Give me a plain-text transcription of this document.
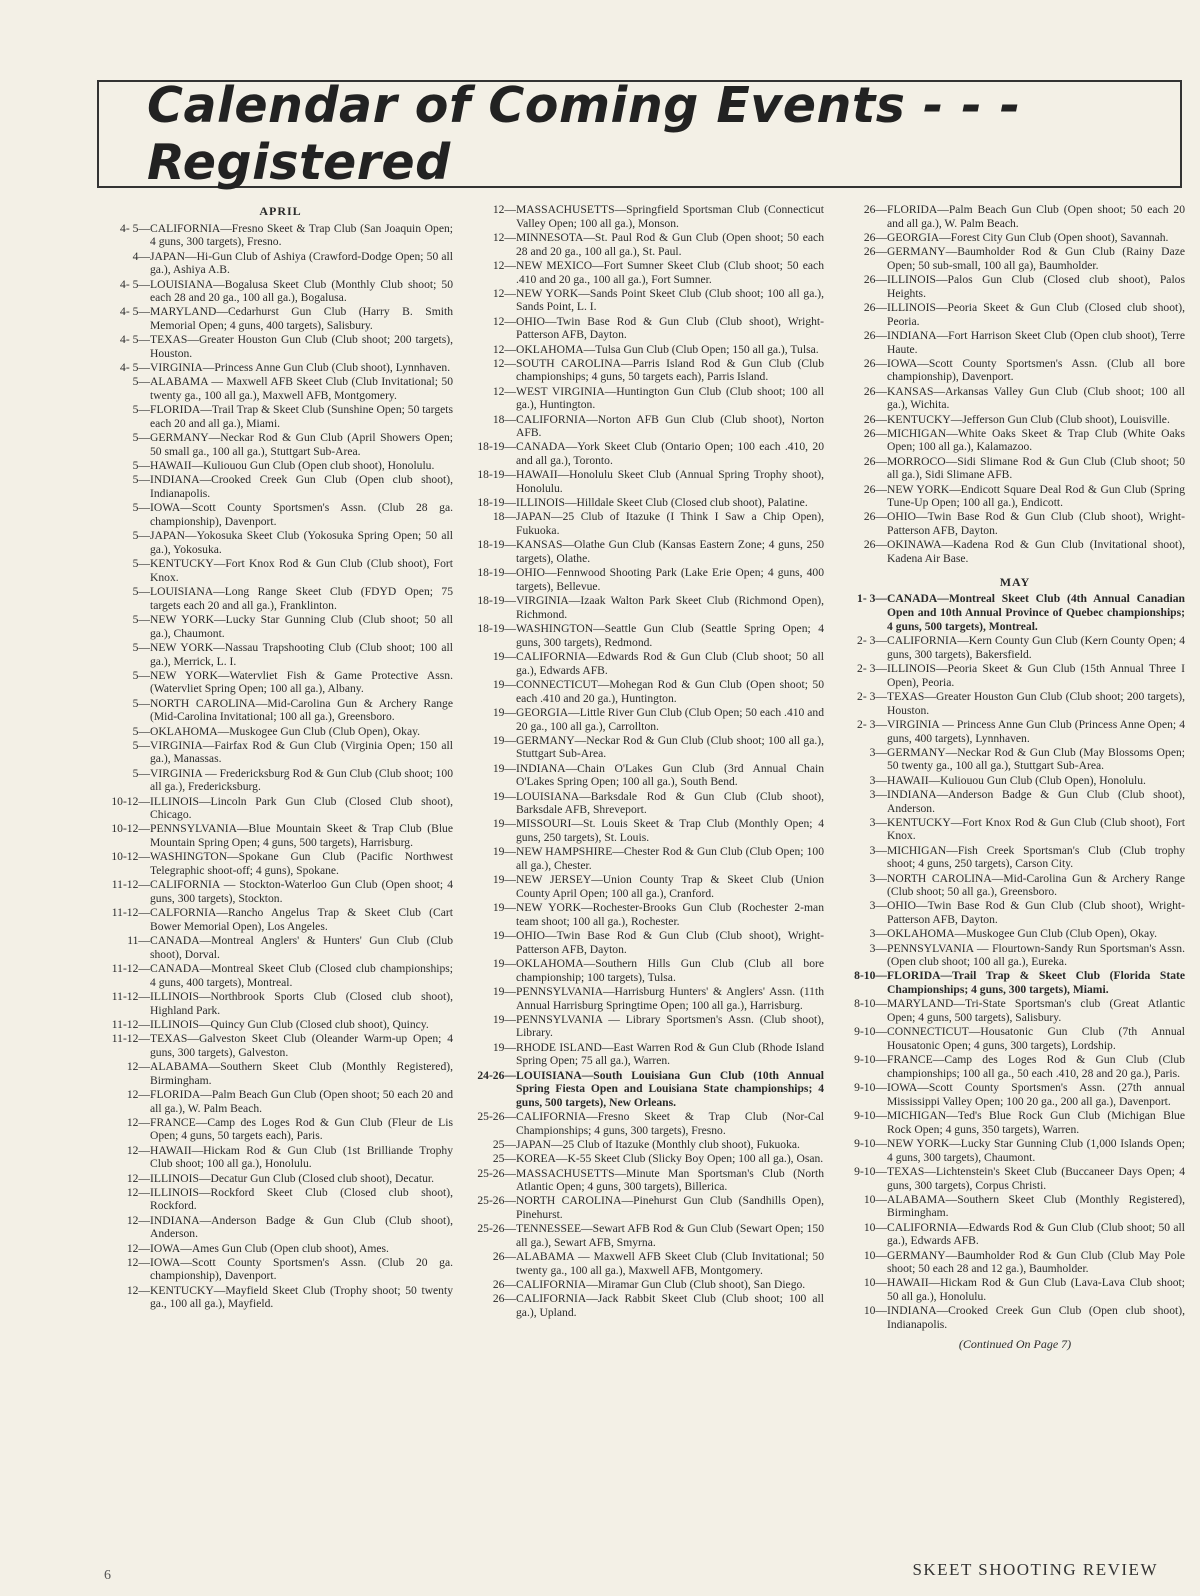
Calendar of Coming Events - - - Registered
APRIL
4- 5— CALIFORNIA—Fresno Skeet & Trap Club (San Joaquin Open; 4 guns, 300 targets), Fresno.
4— JAPAN—Hi-Gun Club of Ashiya (Crawford-Dodge Open; 50 all ga.), Ashiya A.B.
4- 5— LOUISIANA—Bogalusa Skeet Club (Monthly Club shoot; 50 each 28 and 20 ga., 100 all ga.), Bogalusa.
4- 5— MARYLAND—Cedarhurst Gun Club (Harry B. Smith Memorial Open; 4 guns, 400 targets), Salisbury.
4- 5— TEXAS—Greater Houston Gun Club (Club shoot; 200 targets), Houston.
4- 5— VIRGINIA—Princess Anne Gun Club (Club shoot), Lynnhaven.
5— ALABAMA — Maxwell AFB Skeet Club (Club Invitational; 50 twenty ga., 100 all ga.), Maxwell AFB, Montgomery.
5— FLORIDA—Trail Trap & Skeet Club (Sunshine Open; 50 targets each 20 and all ga.), Miami.
5— GERMANY—Neckar Rod & Gun Club (April Showers Open; 50 small ga., 100 all ga.), Stuttgart Sub-Area.
5— HAWAII—Kuliouou Gun Club (Open club shoot), Honolulu.
5— INDIANA—Crooked Creek Gun Club (Open club shoot), Indianapolis.
5— IOWA—Scott County Sportsmen's Assn. (Club 28 ga. championship), Davenport.
5— JAPAN—Yokosuka Skeet Club (Yokosuka Spring Open; 50 all ga.), Yokosuka.
5— KENTUCKY—Fort Knox Rod & Gun Club (Club shoot), Fort Knox.
5— LOUISIANA—Long Range Skeet Club (FDYD Open; 75 targets each 20 and all ga.), Franklinton.
5— NEW YORK—Lucky Star Gunning Club (Club shoot; 50 all ga.), Chaumont.
5— NEW YORK—Nassau Trapshooting Club (Club shoot; 100 all ga.), Merrick, L. I.
5— NEW YORK—Watervliet Fish & Game Protective Assn. (Watervliet Spring Open; 100 all ga.), Albany.
5— NORTH CAROLINA—Mid-Carolina Gun & Archery Range (Mid-Carolina Invitational; 100 all ga.), Greensboro.
5— OKLAHOMA—Muskogee Gun Club (Club Open), Okay.
5— VIRGINIA—Fairfax Rod & Gun Club (Virginia Open; 150 all ga.), Manassas.
5— VIRGINIA — Fredericksburg Rod & Gun Club (Club shoot; 100 all ga.), Fredericksburg.
10-12— ILLINOIS—Lincoln Park Gun Club (Closed Club shoot), Chicago.
10-12— PENNSYLVANIA—Blue Mountain Skeet & Trap Club (Blue Mountain Spring Open; 4 guns, 500 targets), Harrisburg.
10-12— WASHINGTON—Spokane Gun Club (Pacific Northwest Telegraphic shoot-off; 4 guns), Spokane.
11-12— CALIFORNIA — Stockton-Waterloo Gun Club (Open shoot; 4 guns, 300 targets), Stockton.
11-12— CALFORNIA—Rancho Angelus Trap & Skeet Club (Cart Bower Memorial Open), Los Angeles.
11— CANADA—Montreal Anglers' & Hunters' Gun Club (Club shoot), Dorval.
11-12— CANADA—Montreal Skeet Club (Closed club championships; 4 guns, 400 targets), Montreal.
11-12— ILLINOIS—Northbrook Sports Club (Closed club shoot), Highland Park.
11-12— ILLINOIS—Quincy Gun Club (Closed club shoot), Quincy.
11-12— TEXAS—Galveston Skeet Club (Oleander Warm-up Open; 4 guns, 300 targets), Galveston.
12— ALABAMA—Southern Skeet Club (Monthly Registered), Birmingham.
12— FLORIDA—Palm Beach Gun Club (Open shoot; 50 each 20 and all ga.), W. Palm Beach.
12— FRANCE—Camp des Loges Rod & Gun Club (Fleur de Lis Open; 4 guns, 50 targets each), Paris.
12— HAWAII—Hickam Rod & Gun Club (1st Brilliande Trophy Club shoot; 100 all ga.), Honolulu.
12— ILLINOIS—Decatur Gun Club (Closed club shoot), Decatur.
12— ILLINOIS—Rockford Skeet Club (Closed club shoot), Rockford.
12— INDIANA—Anderson Badge & Gun Club (Club shoot), Anderson.
12— IOWA—Ames Gun Club (Open club shoot), Ames.
12— IOWA—Scott County Sportsmen's Assn. (Club 20 ga. championship), Davenport.
12— KENTUCKY—Mayfield Skeet Club (Trophy shoot; 50 twenty ga., 100 all ga.), Mayfield.
12— MASSACHUSETTS—Springfield Sportsman Club (Connecticut Valley Open; 100 all ga.), Monson.
12— MINNESOTA—St. Paul Rod & Gun Club (Open shoot; 50 each 28 and 20 ga., 100 all ga.), St. Paul.
12— NEW MEXICO—Fort Sumner Skeet Club (Club shoot; 50 each .410 and 20 ga., 100 all ga.), Fort Sumner.
12— NEW YORK—Sands Point Skeet Club (Club shoot; 100 all ga.), Sands Point, L. I.
12— OHIO—Twin Base Rod & Gun Club (Club shoot), Wright-Patterson AFB, Dayton.
12— OKLAHOMA—Tulsa Gun Club (Club Open; 150 all ga.), Tulsa.
12— SOUTH CAROLINA—Parris Island Rod & Gun Club (Club championships; 4 guns, 50 targets each), Parris Island.
12— WEST VIRGINIA—Huntington Gun Club (Club shoot; 100 all ga.), Huntington.
18— CALIFORNIA—Norton AFB Gun Club (Club shoot), Norton AFB.
18-19— CANADA—York Skeet Club (Ontario Open; 100 each .410, 20 and all ga.), Toronto.
18-19— HAWAII—Honolulu Skeet Club (Annual Spring Trophy shoot), Honolulu.
18-19— ILLINOIS—Hilldale Skeet Club (Closed club shoot), Palatine.
18— JAPAN—25 Club of Itazuke (I Think I Saw a Chip Open), Fukuoka.
18-19— KANSAS—Olathe Gun Club (Kansas Eastern Zone; 4 guns, 250 targets), Olathe.
18-19— OHIO—Fennwood Shooting Park (Lake Erie Open; 4 guns, 400 targets), Bellevue.
18-19— VIRGINIA—Izaak Walton Park Skeet Club (Richmond Open), Richmond.
18-19— WASHINGTON—Seattle Gun Club (Seattle Spring Open; 4 guns, 300 targets), Redmond.
19— CALIFORNIA—Edwards Rod & Gun Club (Club shoot; 50 all ga.), Edwards AFB.
19— CONNECTICUT—Mohegan Rod & Gun Club (Open shoot; 50 each .410 and 20 ga.), Huntington.
19— GEORGIA—Little River Gun Club (Club Open; 50 each .410 and 20 ga., 100 all ga.), Carrollton.
19— GERMANY—Neckar Rod & Gun Club (Club shoot; 100 all ga.), Stuttgart Sub-Area.
19— INDIANA—Chain O'Lakes Gun Club (3rd Annual Chain O'Lakes Spring Open; 100 all ga.), South Bend.
19— LOUISIANA—Barksdale Rod & Gun Club (Club shoot), Barksdale AFB, Shreveport.
19— MISSOURI—St. Louis Skeet & Trap Club (Monthly Open; 4 guns, 250 targets), St. Louis.
19— NEW HAMPSHIRE—Chester Rod & Gun Club (Club Open; 100 all ga.), Chester.
19— NEW JERSEY—Union County Trap & Skeet Club (Union County April Open; 100 all ga.), Cranford.
19— NEW YORK—Rochester-Brooks Gun Club (Rochester 2-man team shoot; 100 all ga.), Rochester.
19— OHIO—Twin Base Rod & Gun Club (Club shoot), Wright-Patterson AFB, Dayton.
19— OKLAHOMA—Southern Hills Gun Club (Club all bore championship; 100 targets), Tulsa.
19— PENNSYLVANIA—Harrisburg Hunters' & Anglers' Assn. (11th Annual Harrisburg Springtime Open; 100 all ga.), Harrisburg.
19— PENNSYLVANIA — Library Sportsmen's Assn. (Club shoot), Library.
19— RHODE ISLAND—East Warren Rod & Gun Club (Rhode Island Spring Open; 75 all ga.), Warren.
24-26— LOUISIANA—South Louisiana Gun Club (10th Annual Spring Fiesta Open and Louisiana State championships; 4 guns, 500 targets), New Orleans.
25-26— CALIFORNIA—Fresno Skeet & Trap Club (Nor-Cal Championships; 4 guns, 300 targets), Fresno.
25— JAPAN—25 Club of Itazuke (Monthly club shoot), Fukuoka.
25— KOREA—K-55 Skeet Club (Slicky Boy Open; 100 all ga.), Osan.
25-26— MASSACHUSETTS—Minute Man Sportsman's Club (North Atlantic Open; 4 guns, 300 targets), Billerica.
25-26— NORTH CAROLINA—Pinehurst Gun Club (Sandhills Open), Pinehurst.
25-26— TENNESSEE—Sewart AFB Rod & Gun Club (Sewart Open; 150 all ga.), Sewart AFB, Smyrna.
26— ALABAMA — Maxwell AFB Skeet Club (Club Invitational; 50 twenty ga., 100 all ga.), Maxwell AFB, Montgomery.
26— CALIFORNIA—Miramar Gun Club (Club shoot), San Diego.
26— CALIFORNIA—Jack Rabbit Skeet Club (Club shoot; 100 all ga.), Upland.
26— FLORIDA—Palm Beach Gun Club (Open shoot; 50 each 20 and all ga.), W. Palm Beach.
26— GEORGIA—Forest City Gun Club (Open shoot), Savannah.
26— GERMANY—Baumholder Rod & Gun Club (Rainy Daze Open; 50 sub-small, 100 all ga), Baumholder.
26— ILLINOIS—Palos Gun Club (Closed club shoot), Palos Heights.
26— ILLINOIS—Peoria Skeet & Gun Club (Closed club shoot), Peoria.
26— INDIANA—Fort Harrison Skeet Club (Open club shoot), Terre Haute.
26— IOWA—Scott County Sportsmen's Assn. (Club all bore championship), Davenport.
26— KANSAS—Arkansas Valley Gun Club (Club shoot; 100 all ga.), Wichita.
26— KENTUCKY—Jefferson Gun Club (Club shoot), Louisville.
26— MICHIGAN—White Oaks Skeet & Trap Club (White Oaks Open; 100 all ga.), Kalamazoo.
26— MORROCO—Sidi Slimane Rod & Gun Club (Club shoot; 50 all ga.), Sidi Slimane AFB.
26— NEW YORK—Endicott Square Deal Rod & Gun Club (Spring Tune-Up Open; 100 all ga.), Endicott.
26— OHIO—Twin Base Rod & Gun Club (Club shoot), Wright-Patterson AFB, Dayton.
26— OKINAWA—Kadena Rod & Gun Club (Invitational shoot), Kadena Air Base.
MAY
1- 3— CANADA—Montreal Skeet Club (4th Annual Canadian Open and 10th Annual Province of Quebec championships; 4 guns, 500 targets), Montreal.
2- 3— CALIFORNIA—Kern County Gun Club (Kern County Open; 4 guns, 300 targets), Bakersfield.
2- 3— ILLINOIS—Peoria Skeet & Gun Club (15th Annual Three I Open), Peoria.
2- 3— TEXAS—Greater Houston Gun Club (Club shoot; 200 targets), Houston.
2- 3— VIRGINIA — Princess Anne Gun Club (Princess Anne Open; 4 guns, 400 targets), Lynnhaven.
3— GERMANY—Neckar Rod & Gun Club (May Blossoms Open; 50 twenty ga., 100 all ga.), Stuttgart Sub-Area.
3— HAWAII—Kuliouou Gun Club (Club Open), Honolulu.
3— INDIANA—Anderson Badge & Gun Club (Club shoot), Anderson.
3— KENTUCKY—Fort Knox Rod & Gun Club (Club shoot), Fort Knox.
3— MICHIGAN—Fish Creek Sportsman's Club (Club trophy shoot; 4 guns, 250 targets), Carson City.
3— NORTH CAROLINA—Mid-Carolina Gun & Archery Range (Club shoot; 50 all ga.), Greensboro.
3— OHIO—Twin Base Rod & Gun Club (Club shoot), Wright-Patterson AFB, Dayton.
3— OKLAHOMA—Muskogee Gun Club (Club Open), Okay.
3— PENNSYLVANIA — Flourtown-Sandy Run Sportsman's Assn. (Open club shoot; 100 all ga.), Eureka.
8-10— FLORIDA—Trail Trap & Skeet Club (Florida State Championships; 4 guns, 300 targets), Miami.
8-10— MARYLAND—Tri-State Sportsman's club (Great Atlantic Open; 4 guns, 500 targets), Salisbury.
9-10— CONNECTICUT—Housatonic Gun Club (7th Annual Housatonic Open; 4 guns, 300 targets), Lordship.
9-10— FRANCE—Camp des Loges Rod & Gun Club (Club championships; 100 all ga., 50 each .410, 28 and 20 ga.), Paris.
9-10— IOWA—Scott County Sportsmen's Assn. (27th annual Mississippi Valley Open; 100 20 ga., 200 all ga.), Davenport.
9-10— MICHIGAN—Ted's Blue Rock Gun Club (Michigan Blue Rock Open; 4 guns, 350 targets), Warren.
9-10— NEW YORK—Lucky Star Gunning Club (1,000 Islands Open; 4 guns, 300 targets), Chaumont.
9-10— TEXAS—Lichtenstein's Skeet Club (Buccaneer Days Open; 4 guns, 300 targets), Corpus Christi.
10— ALABAMA—Southern Skeet Club (Monthly Registered), Birmingham.
10— CALIFORNIA—Edwards Rod & Gun Club (Club shoot; 50 all ga.), Edwards AFB.
10— GERMANY—Baumholder Rod & Gun Club (Club May Pole shoot; 50 each 28 and 12 ga.), Baumholder.
10— HAWAII—Hickam Rod & Gun Club (Lava-Lava Club shoot; 50 all ga.), Honolulu.
10— INDIANA—Crooked Creek Gun Club (Open club shoot), Indianapolis.
(Continued On Page 7)
6	SKEET SHOOTING REVIEW
